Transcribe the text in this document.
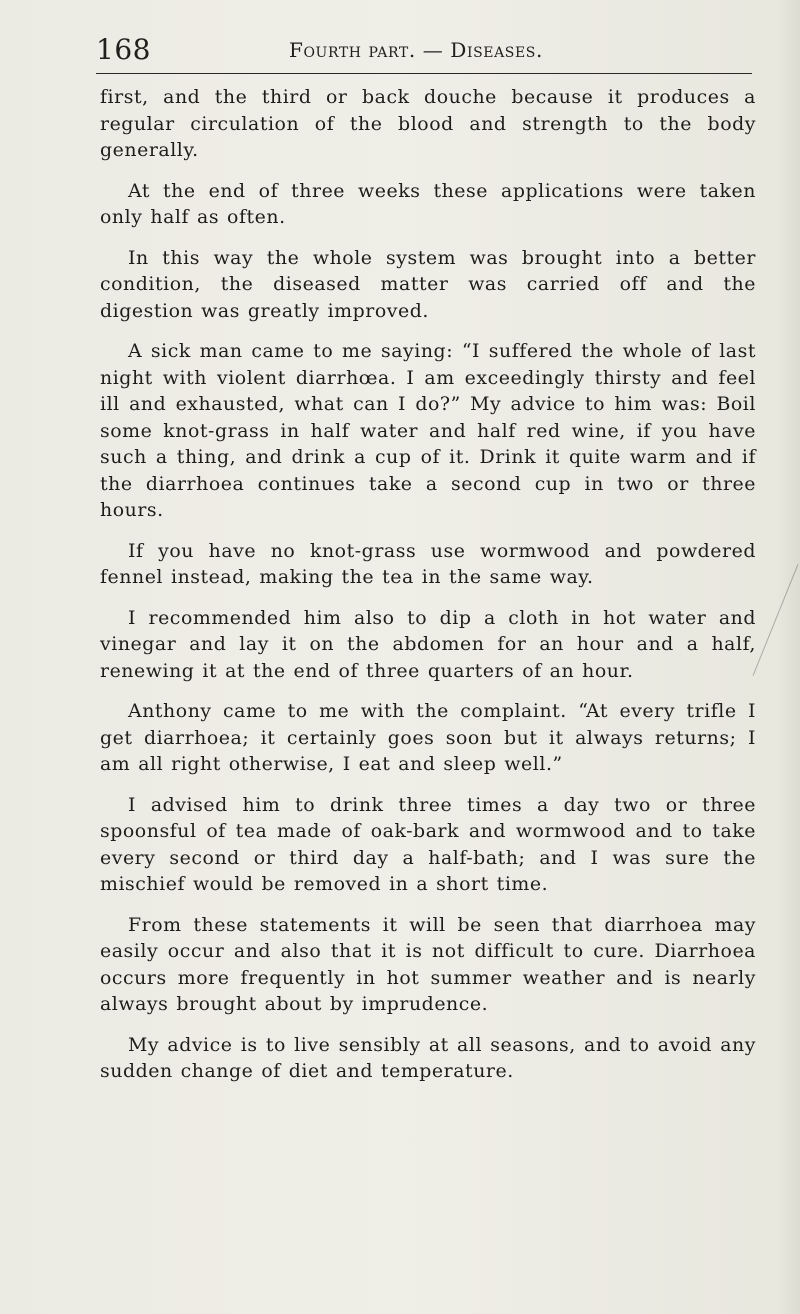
168	Fourth part. — Diseases.

first, and the third or back douche because it produces a regular circulation of the blood and strength to the body generally.

At the end of three weeks these applications were taken only half as often.

In this way the whole system was brought into a better condition, the diseased matter was carried off and the digestion was greatly improved.

A sick man came to me saying: “I suffered the whole of last night with violent diarrhœa. I am exceedingly thirsty and feel ill and exhausted, what can I do?” My advice to him was: Boil some knot-grass in half water and half red wine, if you have such a thing, and drink a cup of it. Drink it quite warm and if the diarrhoea continues take a second cup in two or three hours.

If you have no knot-grass use wormwood and powdered fennel instead, making the tea in the same way.

I recommended him also to dip a cloth in hot water and vinegar and lay it on the abdomen for an hour and a half, renewing it at the end of three quarters of an hour.

Anthony came to me with the complaint. “At every trifle I get diarrhoea; it certainly goes soon but it always returns; I am all right otherwise, I eat and sleep well.”

I advised him to drink three times a day two or three spoonsful of tea made of oak-bark and wormwood and to take every second or third day a half-bath; and I was sure the mischief would be removed in a short time.

From these statements it will be seen that diarrhoea may easily occur and also that it is not difficult to cure. Diarrhoea occurs more frequently in hot summer weather and is nearly always brought about by imprudence.

My advice is to live sensibly at all seasons, and to avoid any sudden change of diet and temperature.
